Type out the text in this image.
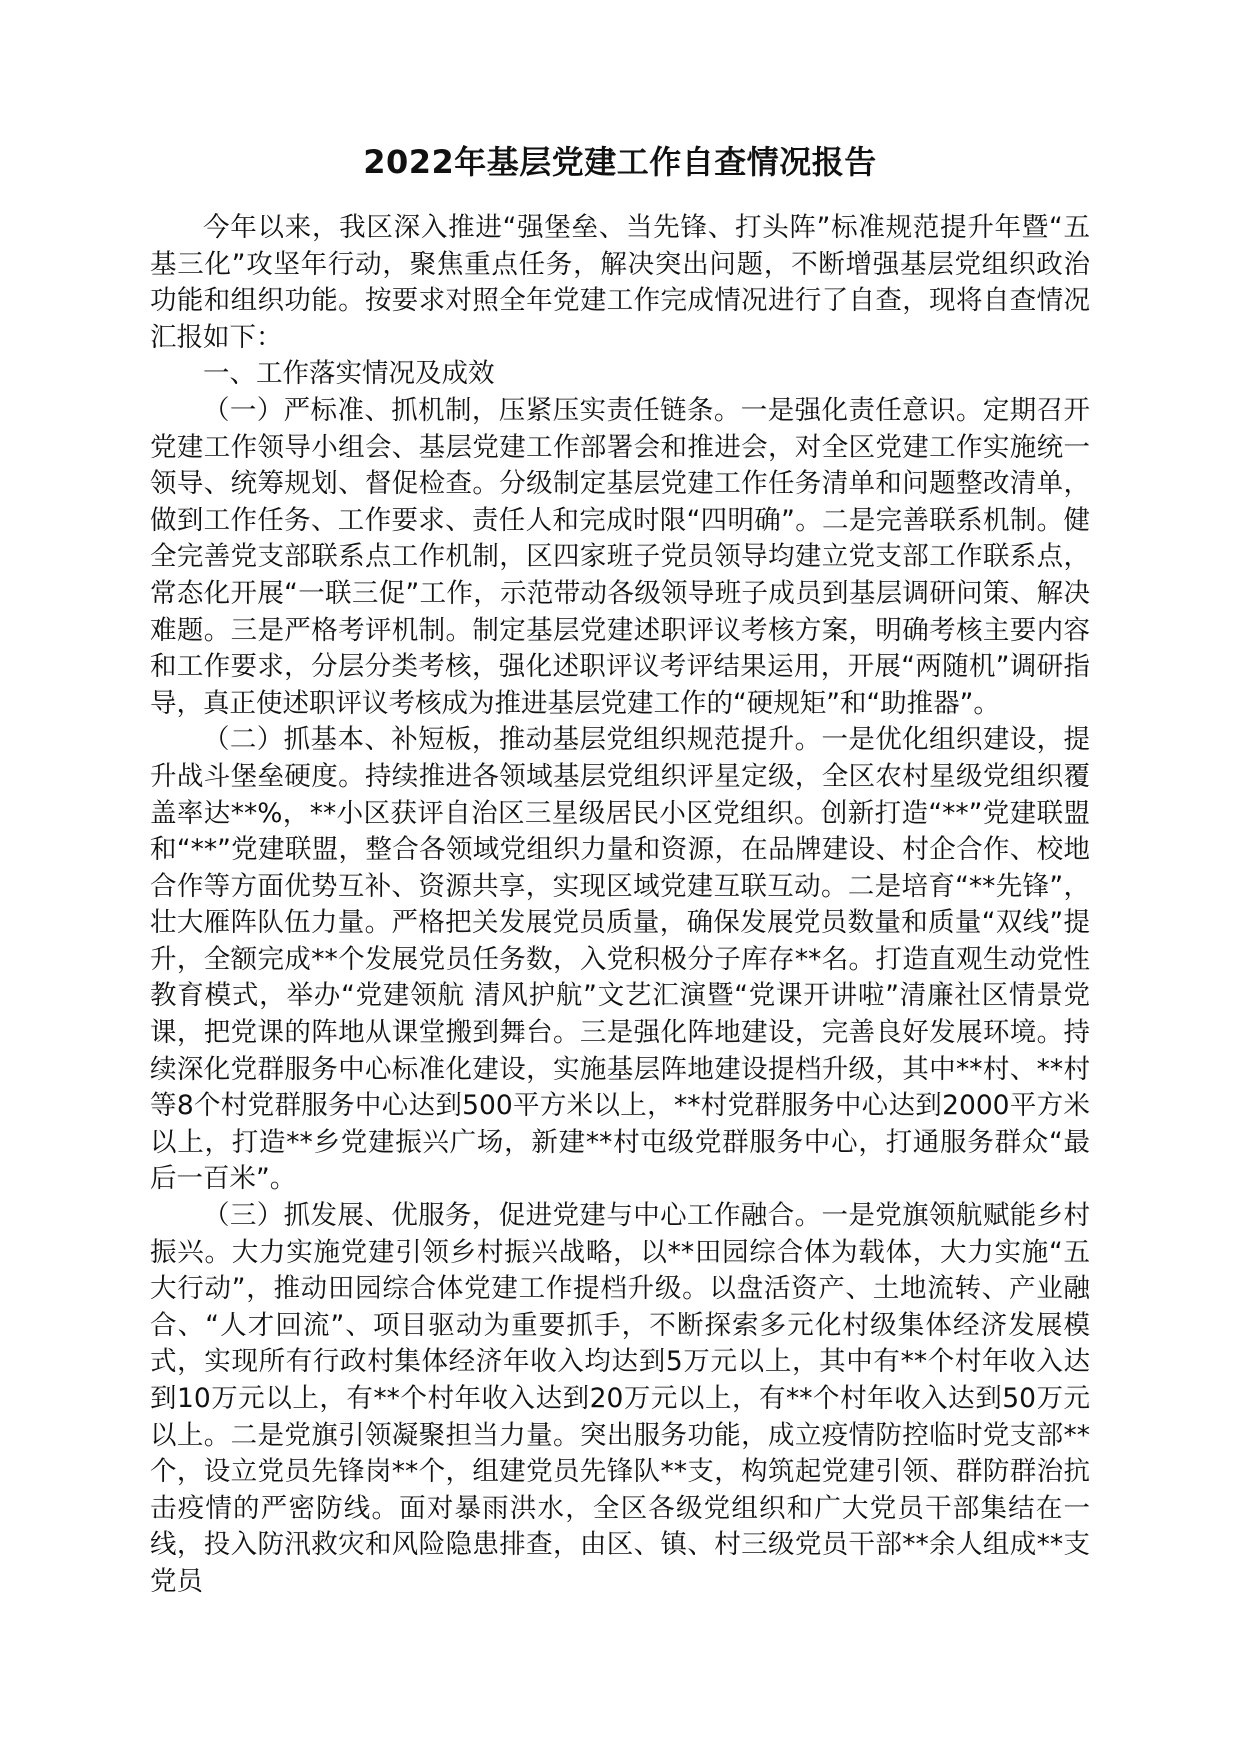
2022年基层党建工作自查情况报告

今年以来，我区深入推进“强堡垒、当先锋、打头阵”标准规范提升年暨“五基三化”攻坚年行动，聚焦重点任务，解决突出问题，不断增强基层党组织政治功能和组织功能。按要求对照全年党建工作完成情况进行了自查，现将自查情况汇报如下：

一、工作落实情况及成效

（一）严标准、抓机制，压紧压实责任链条。一是强化责任意识。定期召开党建工作领导小组会、基层党建工作部署会和推进会，对全区党建工作实施统一领导、统筹规划、督促检查。分级制定基层党建工作任务清单和问题整改清单，做到工作任务、工作要求、责任人和完成时限“四明确”。二是完善联系机制。健全完善党支部联系点工作机制，区四家班子党员领导均建立党支部工作联系点，常态化开展“一联三促”工作，示范带动各级领导班子成员到基层调研问策、解决难题。三是严格考评机制。制定基层党建述职评议考核方案，明确考核主要内容和工作要求，分层分类考核，强化述职评议考评结果运用，开展“两随机”调研指导，真正使述职评议考核成为推进基层党建工作的“硬规矩”和“助推器”。

（二）抓基本、补短板，推动基层党组织规范提升。一是优化组织建设，提升战斗堡垒硬度。持续推进各领域基层党组织评星定级，全区农村星级党组织覆盖率达**%，**小区获评自治区三星级居民小区党组织。创新打造“**”党建联盟和“**”党建联盟，整合各领域党组织力量和资源，在品牌建设、村企合作、校地合作等方面优势互补、资源共享，实现区域党建互联互动。二是培育“**先锋”，壮大雁阵队伍力量。严格把关发展党员质量，确保发展党员数量和质量“双线”提升，全额完成**个发展党员任务数，入党积极分子库存**名。打造直观生动党性教育模式，举办“党建领航 清风护航”文艺汇演暨“党课开讲啦”清廉社区情景党课，把党课的阵地从课堂搬到舞台。三是强化阵地建设，完善良好发展环境。持续深化党群服务中心标准化建设，实施基层阵地建设提档升级，其中**村、**村等8个村党群服务中心达到500平方米以上，**村党群服务中心达到2000平方米以上，打造**乡党建振兴广场，新建**村屯级党群服务中心，打通服务群众“最后一百米”。

（三）抓发展、优服务，促进党建与中心工作融合。一是党旗领航赋能乡村振兴。大力实施党建引领乡村振兴战略，以**田园综合体为载体，大力实施“五大行动”，推动田园综合体党建工作提档升级。以盘活资产、土地流转、产业融合、“人才回流”、项目驱动为重要抓手，不断探索多元化村级集体经济发展模式，实现所有行政村集体经济年收入均达到5万元以上，其中有**个村年收入达到10万元以上，有**个村年收入达到20万元以上，有**个村年收入达到50万元以上。二是党旗引领凝聚担当力量。突出服务功能，成立疫情防控临时党支部**个，设立党员先锋岗**个，组建党员先锋队**支，构筑起党建引领、群防群治抗击疫情的严密防线。面对暴雨洪水，全区各级党组织和广大党员干部集结在一线，投入防汛救灾和风险隐患排查，由区、镇、村三级党员干部**余人组成**支党员
